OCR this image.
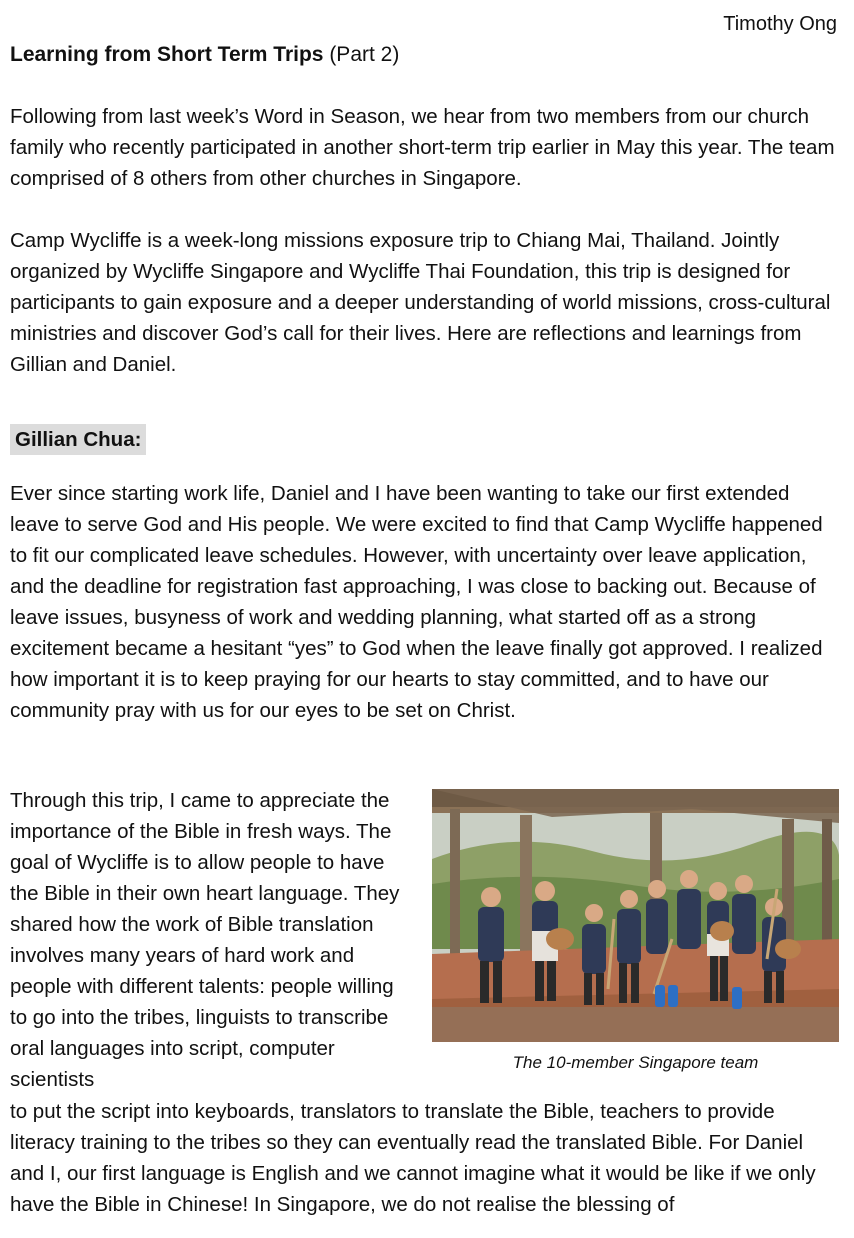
Timothy Ong
Learning from Short Term Trips (Part 2)

Following from last week’s Word in Season, we hear from two members from our church family who recently participated in another short-term trip earlier in May this year. The team comprised of 8 others from other churches in Singapore.

Camp Wycliffe is a week-long missions exposure trip to Chiang Mai, Thailand. Jointly organized by Wycliffe Singapore and Wycliffe Thai Foundation, this trip is designed for participants to gain exposure and a deeper understanding of world missions, cross-cultural ministries and discover God’s call for their lives. Here are reflections and learnings from Gillian and Daniel.

Gillian Chua:

Ever since starting work life, Daniel and I have been wanting to take our first extended leave to serve God and His people. We were excited to find that Camp Wycliffe happened to fit our complicated leave schedules. However, with uncertainty over leave application, and the deadline for registration fast approaching, I was close to backing out. Because of leave issues, busyness of work and wedding planning, what started off as a strong excitement became a hesitant “yes” to God when the leave finally got approved. I realized how important it is to keep praying for our hearts to stay committed, and to have our community pray with us for our eyes to be set on Christ.

Through this trip, I came to appreciate the importance of the Bible in fresh ways. The goal of Wycliffe is to allow people to have the Bible in their own heart language. They shared how the work of Bible translation involves many years of hard work and people with different talents: people willing to go into the tribes, linguists to transcribe oral languages into script, computer scientists

The 10-member Singapore team

to put the script into keyboards, translators to translate the Bible, teachers to provide literacy training to the tribes so they can eventually read the translated Bible. For Daniel and I, our first language is English and we cannot imagine what it would be like if we only have the Bible in Chinese! In Singapore, we do not realise the blessing of
